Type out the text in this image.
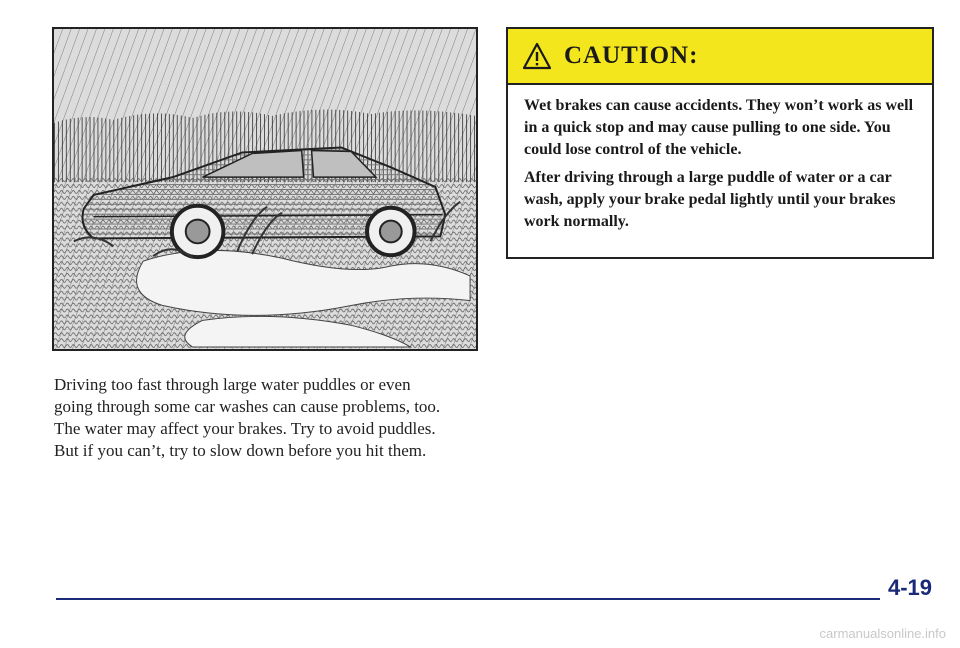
Driving too fast through large water puddles or even

going through some car washes can cause problems, too.

The water may affect your brakes. Try to avoid puddles.

But if you can’t, try to slow down before you hit them.

CAUTION:

Wet brakes can cause accidents. They won’t work as well in a quick stop and may cause pulling to one side. You could lose control of the vehicle.

After driving through a large puddle of water or a car wash, apply your brake pedal lightly until your brakes work normally.

4-19
carmanualsonline.info
